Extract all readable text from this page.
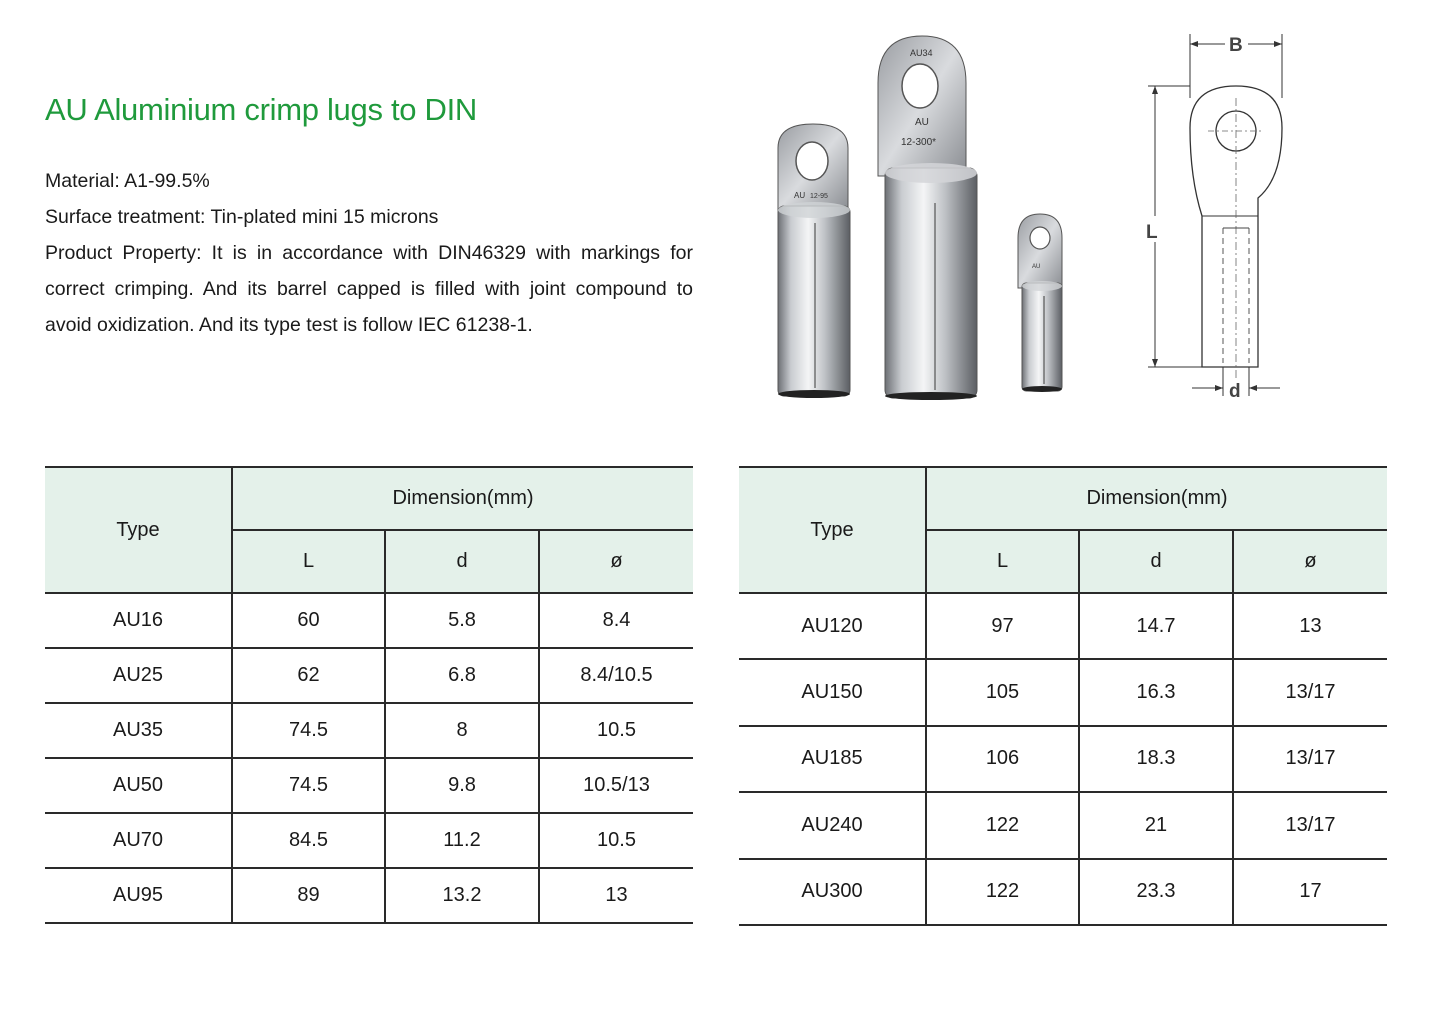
AU Aluminium crimp lugs to DIN

Material: A1-99.5%

Surface treatment: Tin-plated mini 15 microns

Product Property: It is in accordance with DIN46329 with markings for correct crimping. And its barrel capped is filled with joint compound to avoid oxidization. And its type test is follow IEC 61238-1.

AU 12-95
AU34
AU
12-300*
AU
B
L
d
Type	Dimension(mm)		
	L	d	ø
AU16	60	5.8	8.4
AU25	62	6.8	8.4/10.5
AU35	74.5	8	10.5
AU50	74.5	9.8	10.5/13
AU70	84.5	11.2	10.5
AU95	89	13.2	13
Type	Dimension(mm)		
	L	d	ø
AU120	97	14.7	13
AU150	105	16.3	13/17
AU185	106	18.3	13/17
AU240	122	21	13/17
AU300	122	23.3	17
